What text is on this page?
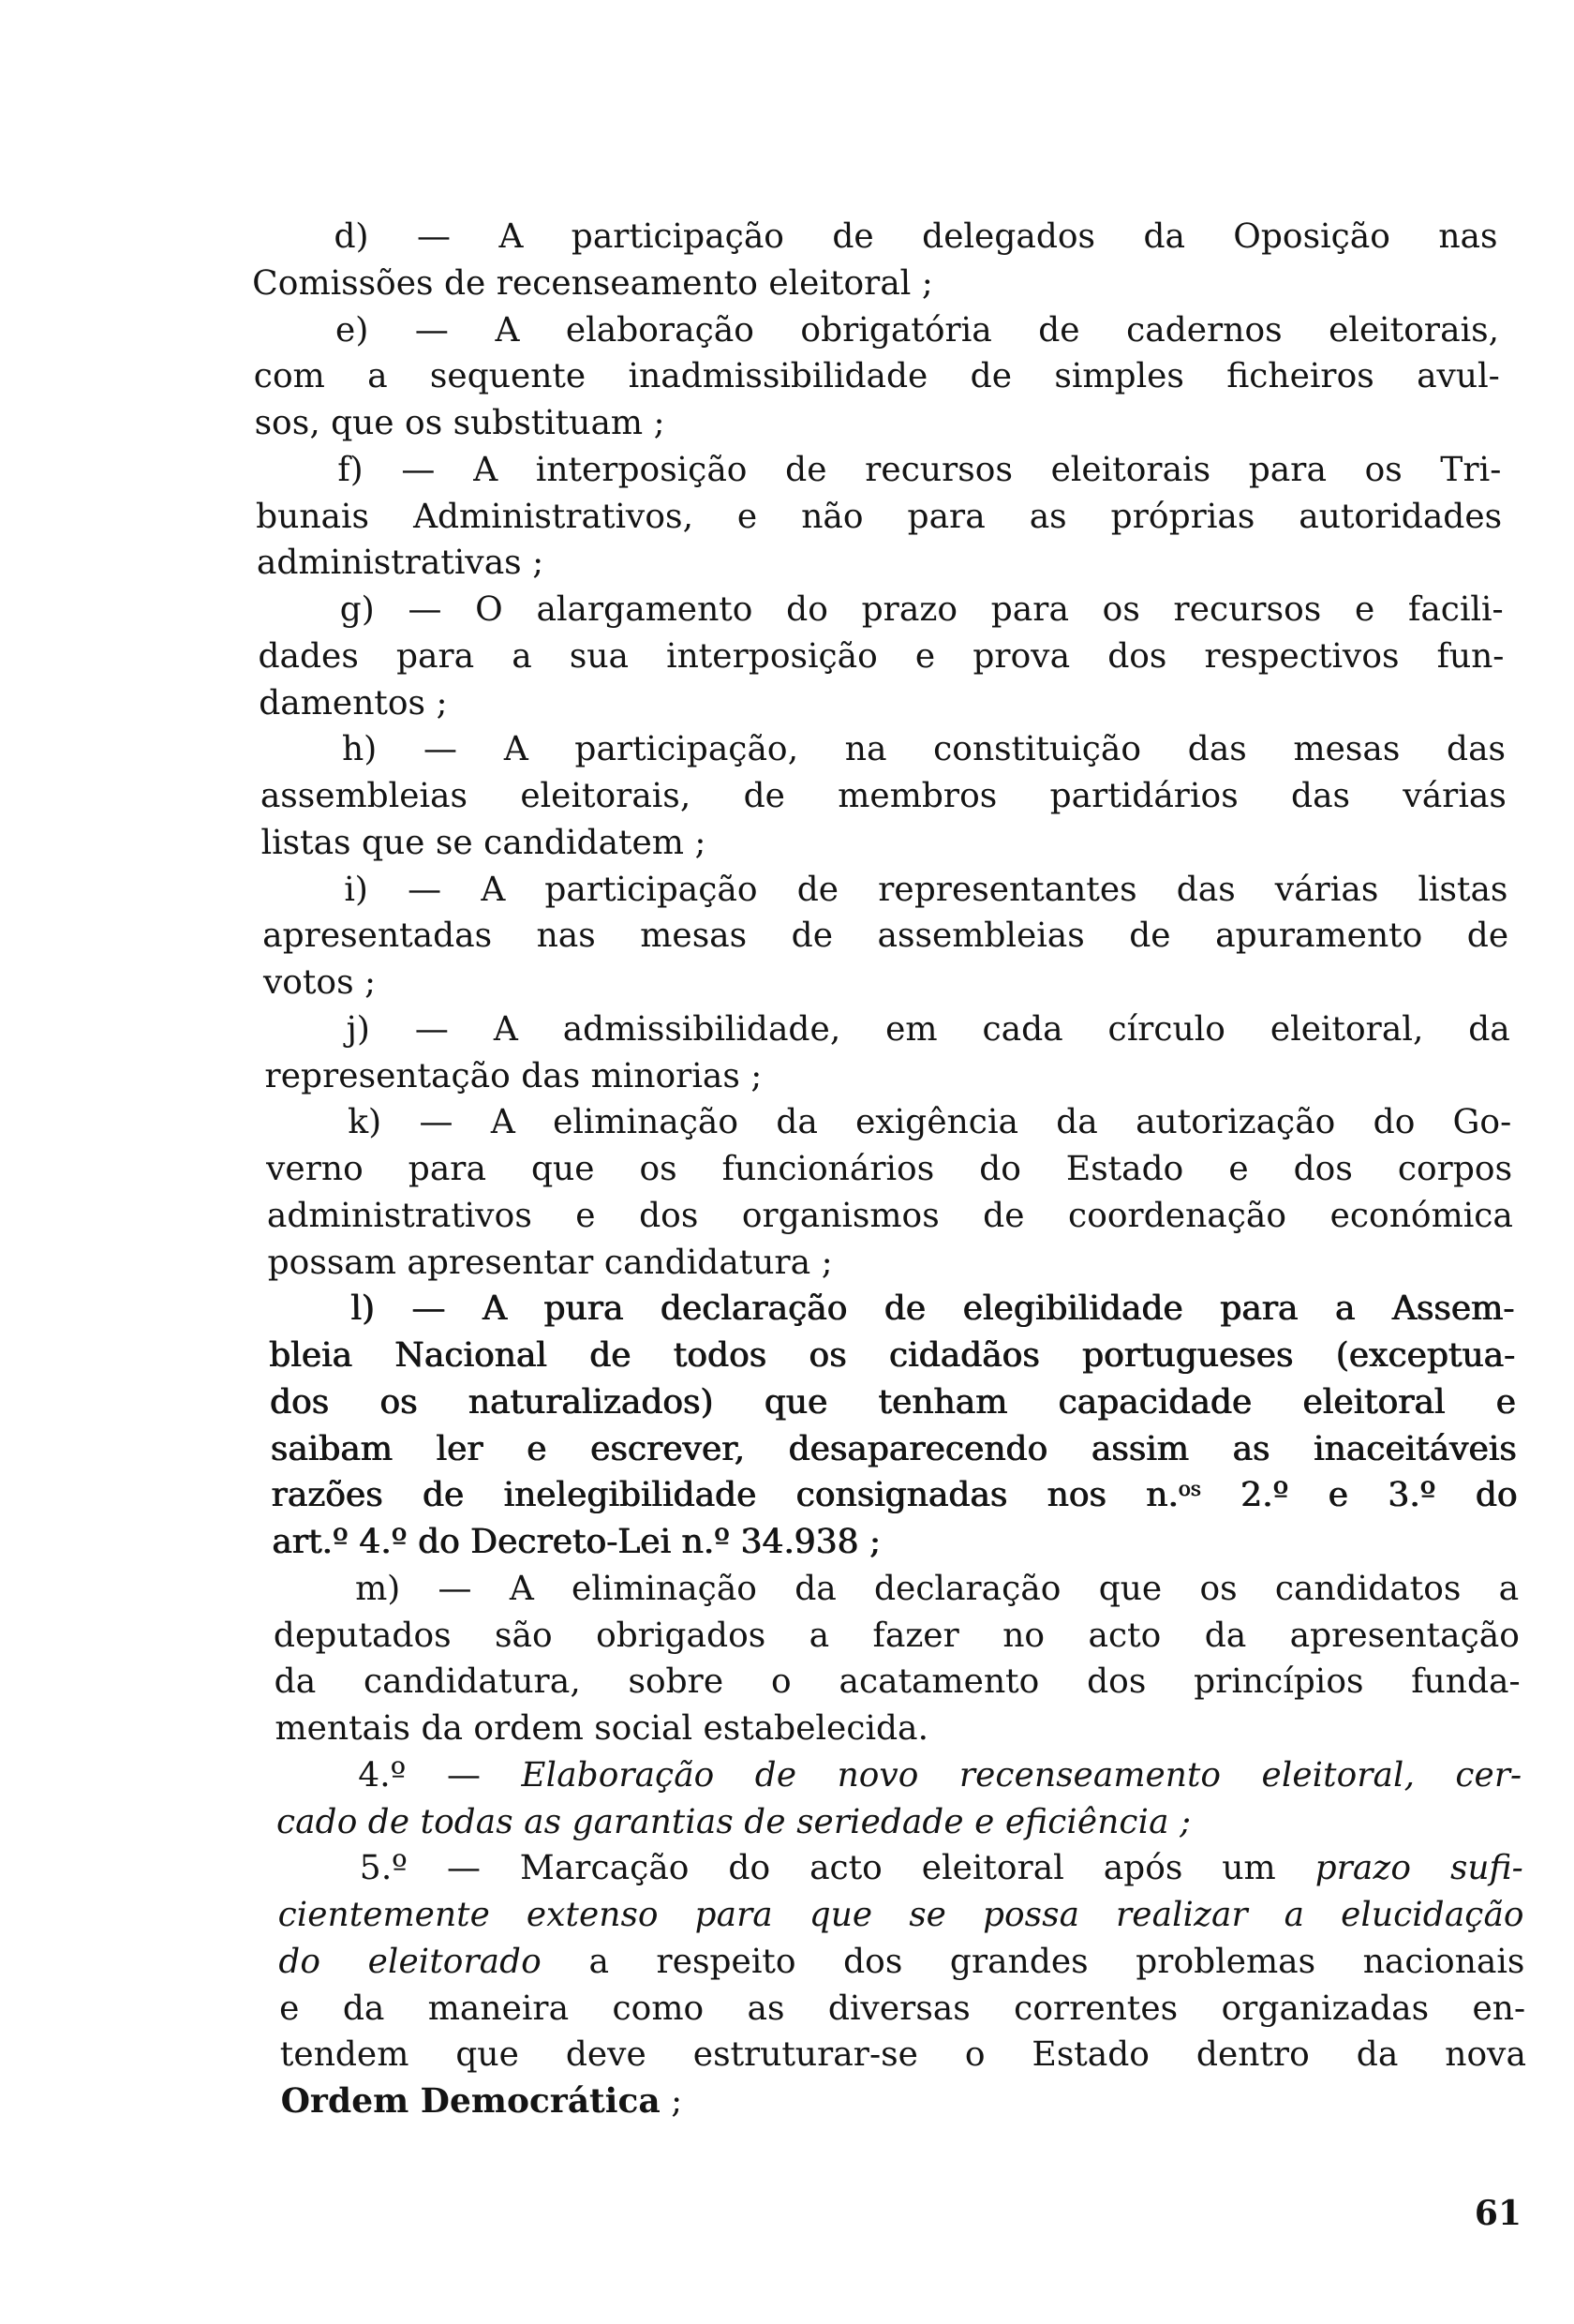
d) — A participação de delegados da Oposição nas
Comissões de recenseamento eleitoral ;
e) — A elaboração obrigatória de cadernos eleitorais,
com a sequente inadmissibilidade de simples ficheiros avul-
sos, que os substituam ;
f) — A interposição de recursos eleitorais para os Tri-
bunais Administrativos, e não para as próprias autoridades
administrativas ;
g) — O alargamento do prazo para os recursos e facili-
dades para a sua interposição e prova dos respectivos fun-
damentos ;
h) — A participação, na constituição das mesas das
assembleias eleitorais, de membros partidários das várias
listas que se candidatem ;
i) — A participação de representantes das várias listas
apresentadas nas mesas de assembleias de apuramento de
votos ;
j) — A admissibilidade, em cada círculo eleitoral, da
representação das minorias ;
k) — A eliminação da exigência da autorização do Go-
verno para que os funcionários do Estado e dos corpos
administrativos e dos organismos de coordenação económica
possam apresentar candidatura ;
l) — A pura declaração de elegibilidade para a Assem-
bleia Nacional de todos os cidadãos portugueses (exceptua-
dos os naturalizados) que tenham capacidade eleitoral e
saibam ler e escrever, desaparecendo assim as inaceitáveis
razões de inelegibilidade consignadas nos n.$^{os}$ 2.º e 3.º do
art.º 4.º do Decreto-Lei n.º 34.938 ;
m) — A eliminação da declaração que os candidatos a
deputados são obrigados a fazer no acto da apresentação
da candidatura, sobre o acatamento dos princípios funda-
mentais da ordem social estabelecida.
4.º — Elaboração de novo recenseamento eleitoral, cer-
cado de todas as garantias de seriedade e eficiência ;
5.º — Marcação do acto eleitoral após um prazo sufi-
cientemente extenso para que se possa realizar a elucidação
do eleitorado a respeito dos grandes problemas nacionais
e da maneira como as diversas correntes organizadas en-
tendem que deve estruturar-se o Estado dentro da nova
Ordem Democrática ;
61
